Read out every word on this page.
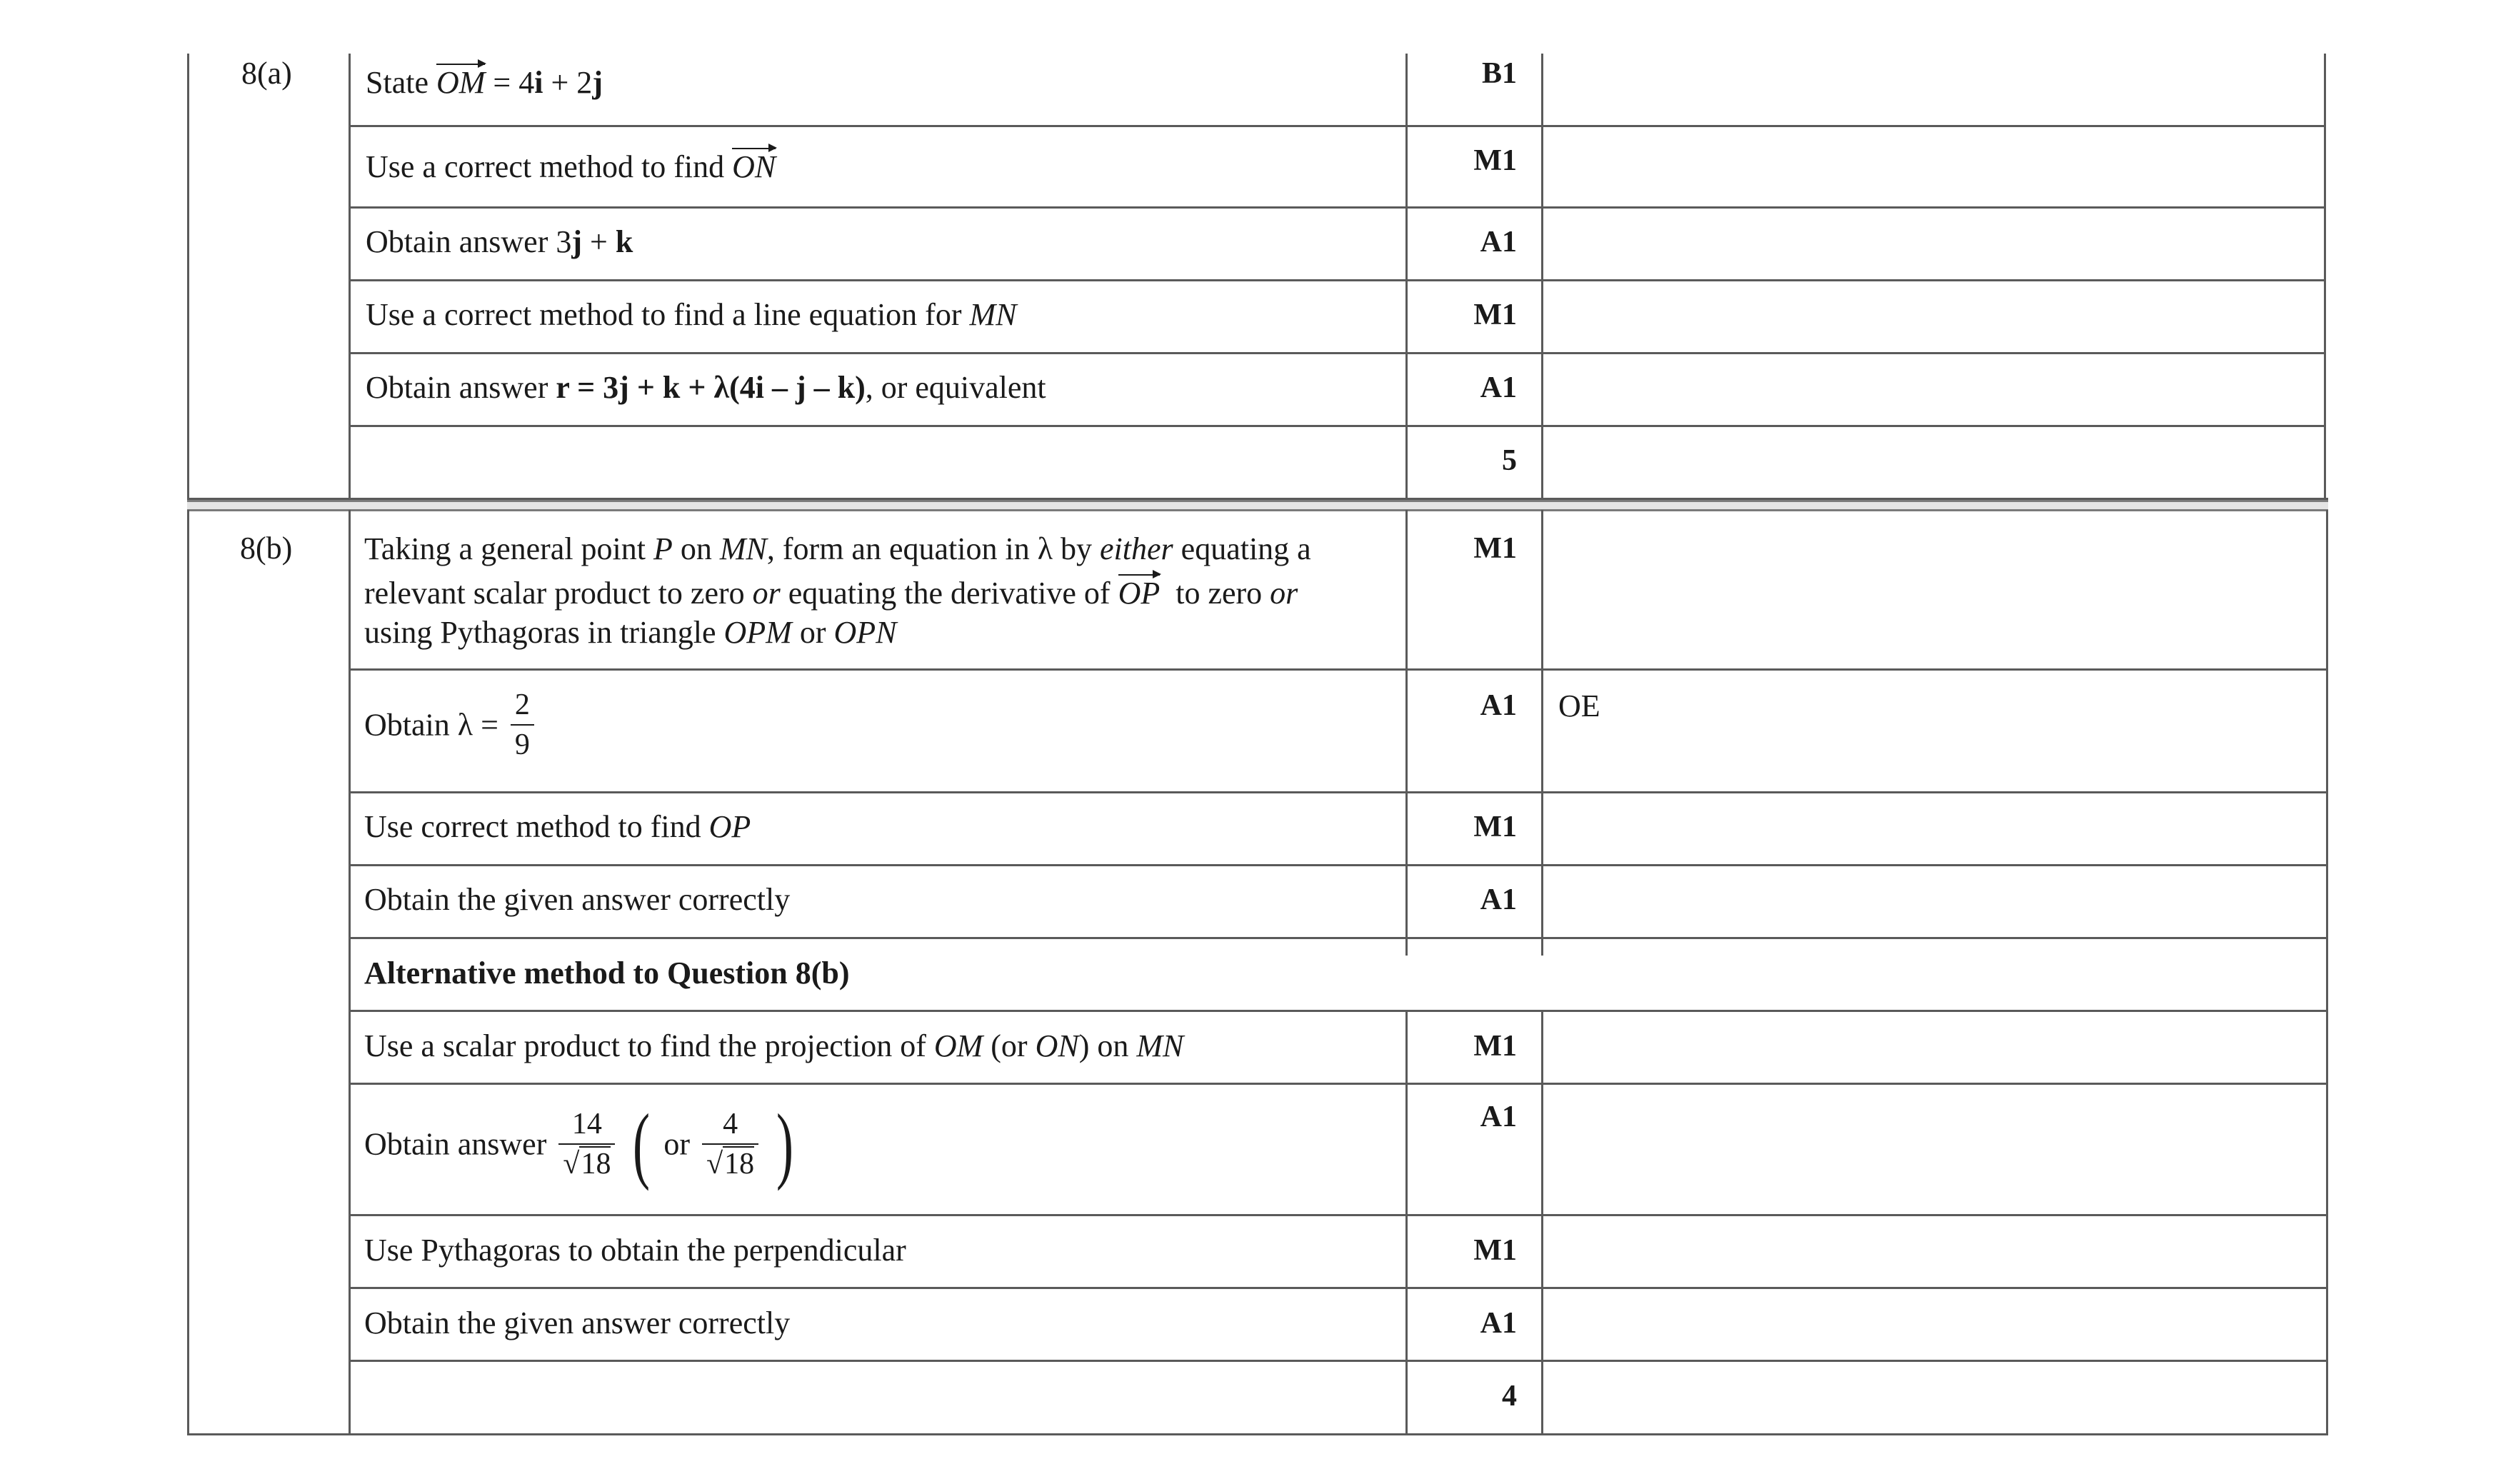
8(a) State OM = 4i + 2j	B1
Use a correct method to find ON	M1
Obtain answer 3j + k	A1
Use a correct method to find a line equation for MN	M1
Obtain answer r = 3j + k + λ(4i – j – k), or equivalent	A1
5
8(b) Taking a general point P on MN, form an equation in λ by either equating a
relevant scalar product to zero or equating the derivative of OP to zero or
using Pythagoras in triangle OPM or OPN
M1
Obtain $\lambda = \frac{2}{9}$	A1 OE
Use correct method to find OP	M1
Obtain the given answer correctly	A1
Alternative method to Question 8(b)
Use a scalar product to find the projection of OM (or ON) on MN	M1
Obtain answer $\frac{14}{√18}$ ( or $\frac{4}{√18}$ )	A1
Use Pythagoras to obtain the perpendicular	M1
Obtain the given answer correctly	A1
4
